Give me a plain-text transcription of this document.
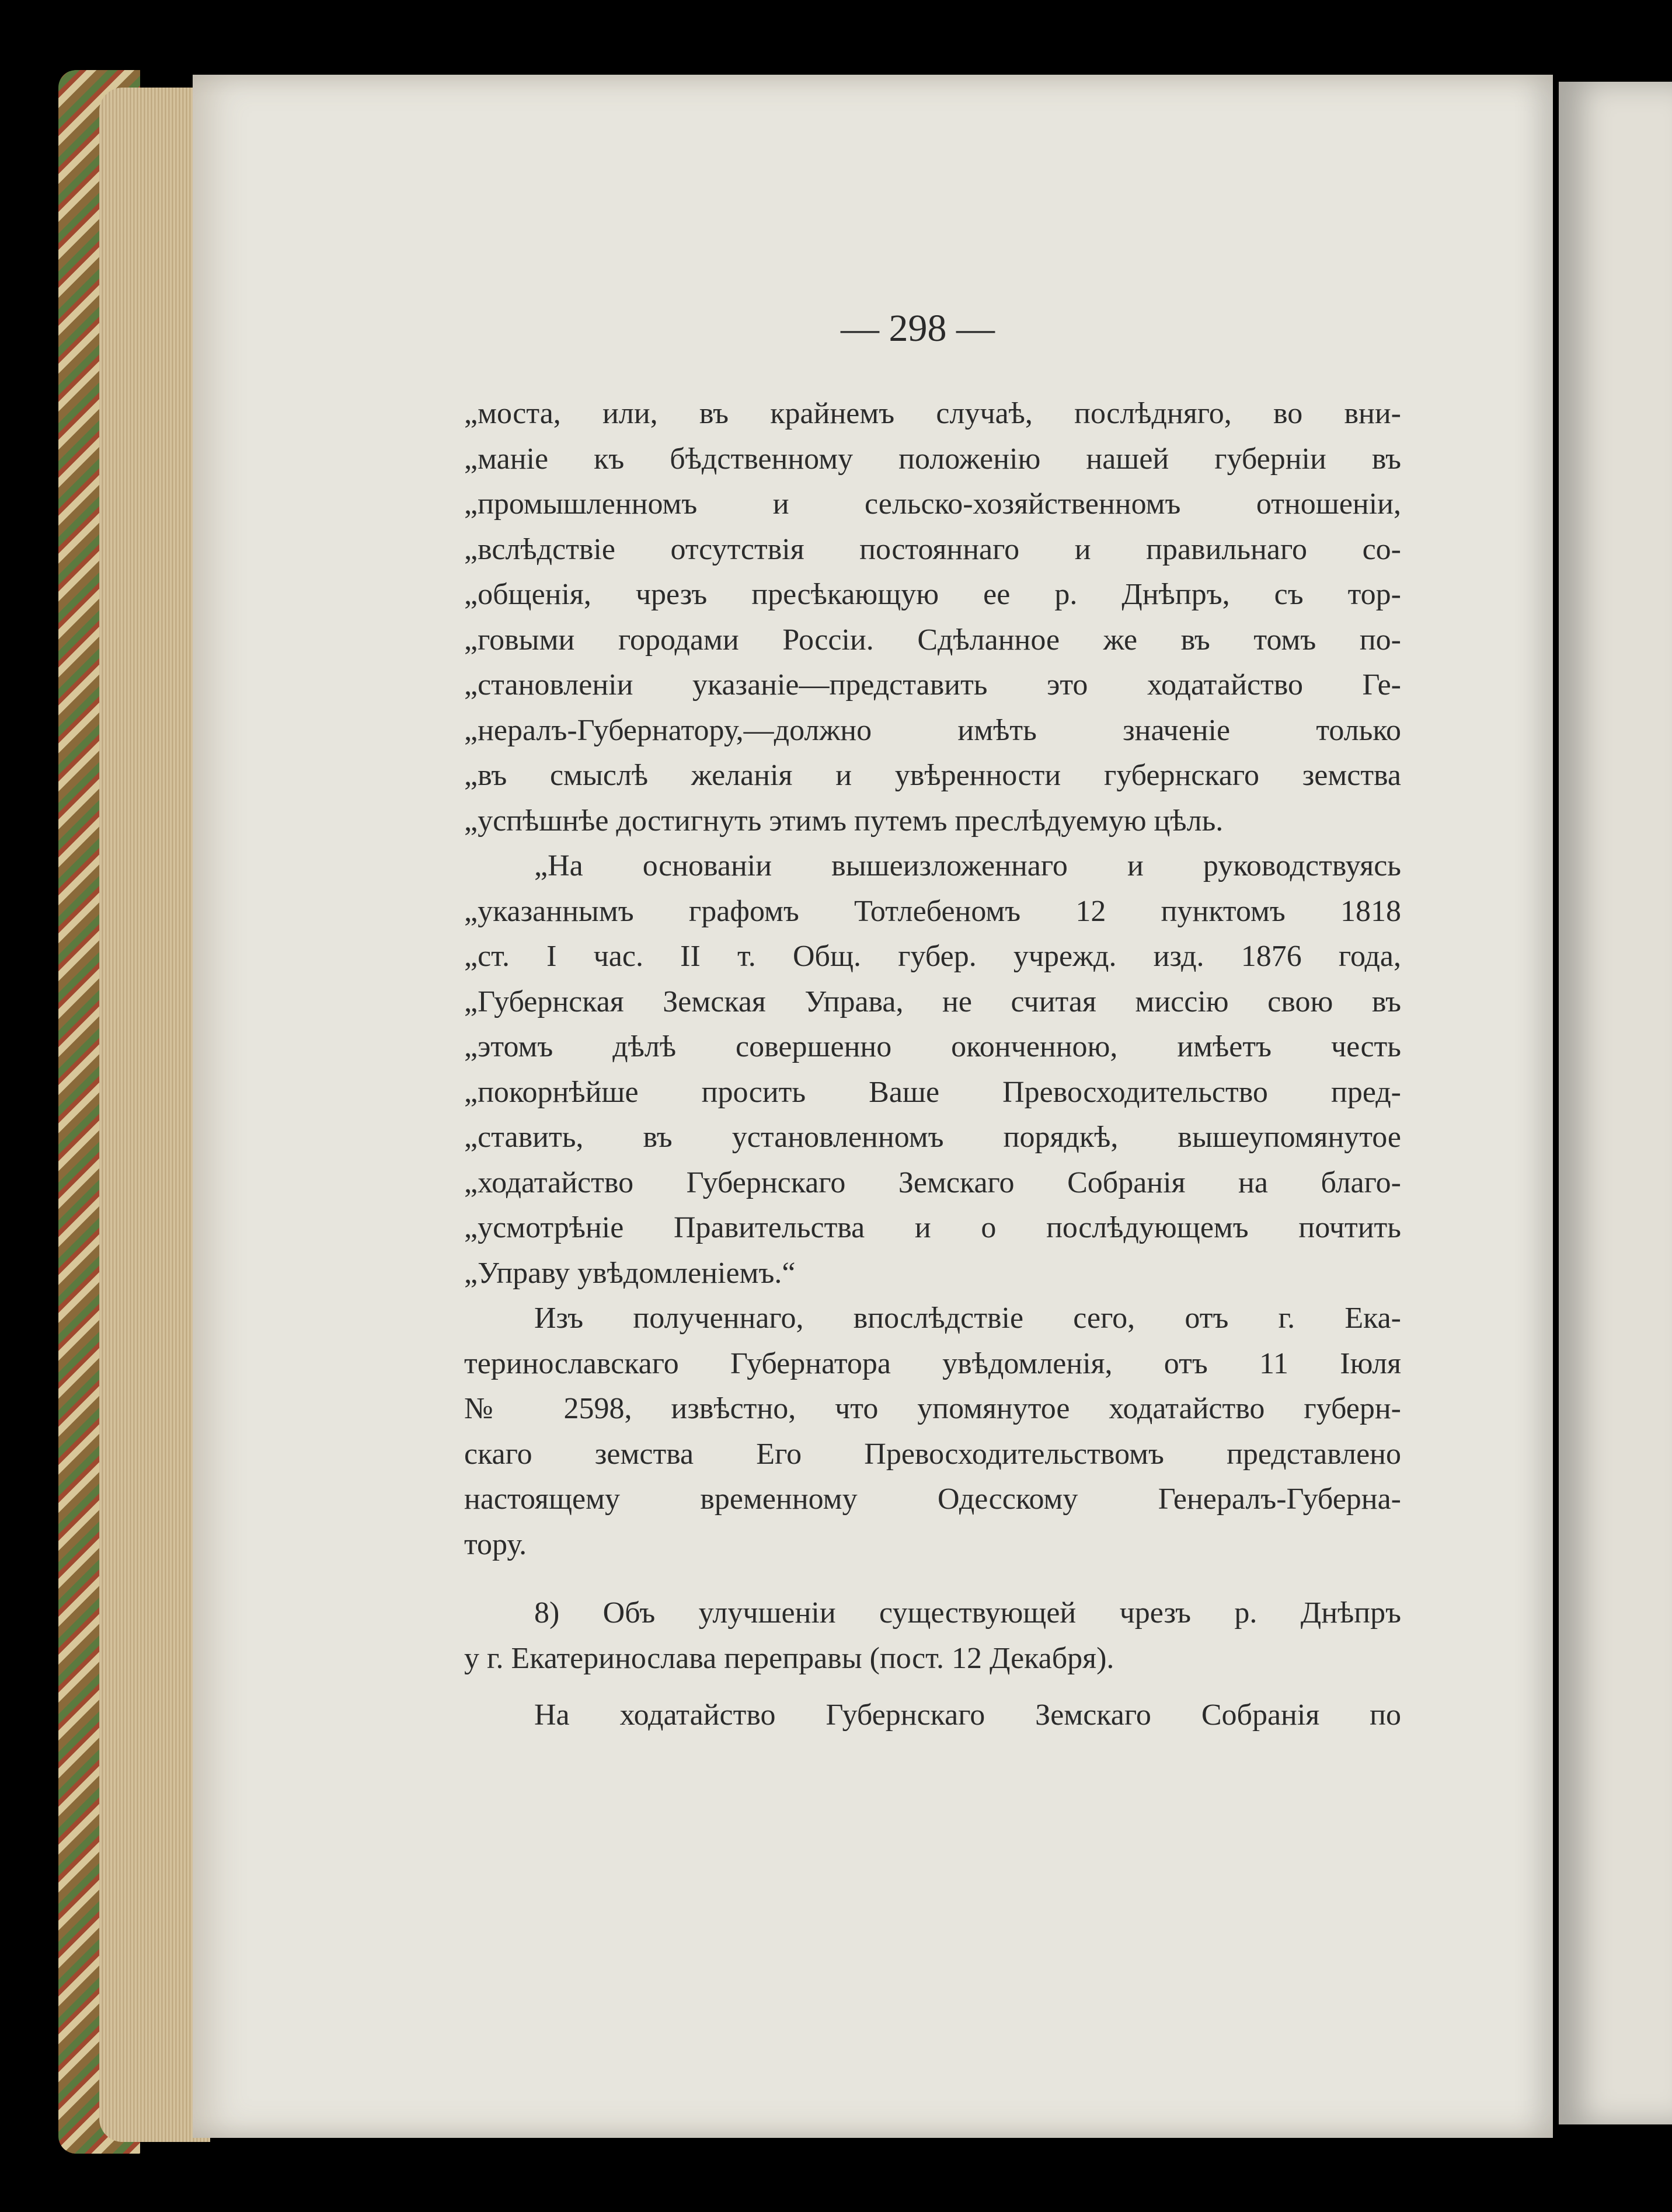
— 298 —
„моста, или, въ крайнемъ случаѣ, послѣдняго, во вни-
„маніе къ бѣдственному положенію нашей губерніи въ
„промышленномъ и сельско-хозяйственномъ отношеніи,
„вслѣдствіе отсутствія постояннаго и правильнаго со-
„общенія, чрезъ пресѣкающую ее р. Днѣпръ, съ тор-
„говыми городами Россіи. Сдѣланное же въ томъ по-
„становленіи указаніе—представить это ходатайство Ге-
„нералъ-Губернатору,—должно имѣть значеніе только
„въ смыслѣ желанія и увѣренности губернскаго земства
„успѣшнѣе достигнуть этимъ путемъ преслѣдуемую цѣль.
„На основаніи вышеизложеннаго и руководствуясь
„указаннымъ графомъ Тотлебеномъ 12 пунктомъ 1818
„ст. I час. II т. Общ. губер. учрежд. изд. 1876 года,
„Губернская Земская Управа, не считая миссію свою въ
„этомъ дѣлѣ совершенно оконченною, имѣетъ честь
„покорнѣйше просить Ваше Превосходительство пред-
„ставить, въ установленномъ порядкѣ, вышеупомянутое
„ходатайство Губернскаго Земскаго Собранія на благо-
„усмотрѣніе Правительства и о послѣдующемъ почтить
„Управу увѣдомленіемъ.“
Изъ полученнаго, впослѣдствіе сего, отъ г. Ека-
теринославскаго Губернатора увѣдомленія, отъ 11 Іюля
№ 2598, извѣстно, что упомянутое ходатайство губерн-
скаго земства Его Превосходительствомъ представлено
настоящему временному Одесскому Генералъ-Губерна-
тору.
8) Объ улучшеніи существующей чрезъ р. Днѣпръ
у г. Екатеринослава переправы (пост. 12 Декабря).
На ходатайство Губернскаго Земскаго Собранія по
